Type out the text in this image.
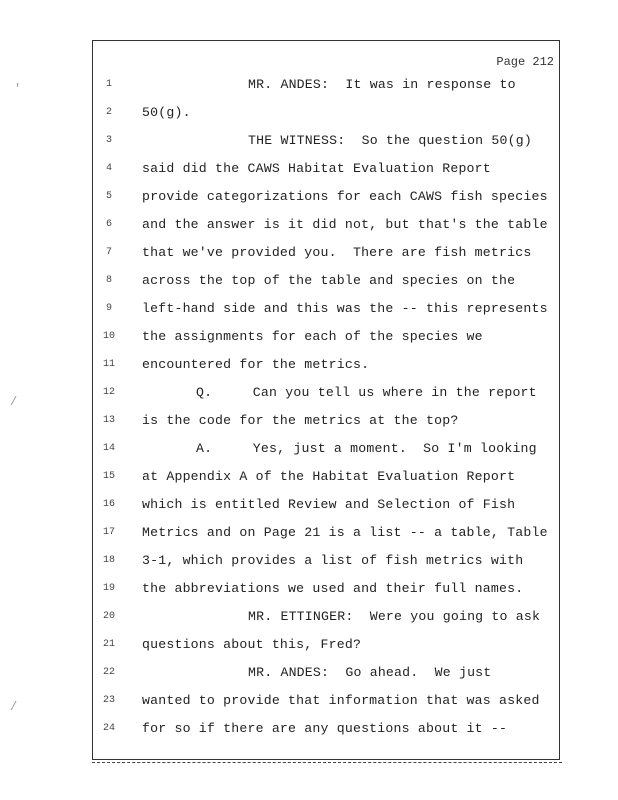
Page 212
'
/
/
1	MR. ANDES:  It was in response to
2	50(g).
3	THE WITNESS:  So the question 50(g)
4	said did the CAWS Habitat Evaluation Report
5	provide categorizations for each CAWS fish species
6	and the answer is it did not, but that's the table
7	that we've provided you.  There are fish metrics
8	across the top of the table and species on the
9	left-hand side and this was the -- this represents
10	the assignments for each of the species we
11	encountered for the metrics.
12	Q.     Can you tell us where in the report
13	is the code for the metrics at the top?
14	A.     Yes, just a moment.  So I'm looking
15	at Appendix A of the Habitat Evaluation Report
16	which is entitled Review and Selection of Fish
17	Metrics and on Page 21 is a list -- a table, Table
18	3-1, which provides a list of fish metrics with
19	the abbreviations we used and their full names.
20	MR. ETTINGER:  Were you going to ask
21	questions about this, Fred?
22	MR. ANDES:  Go ahead.  We just
23	wanted to provide that information that was asked
24	for so if there are any questions about it --
